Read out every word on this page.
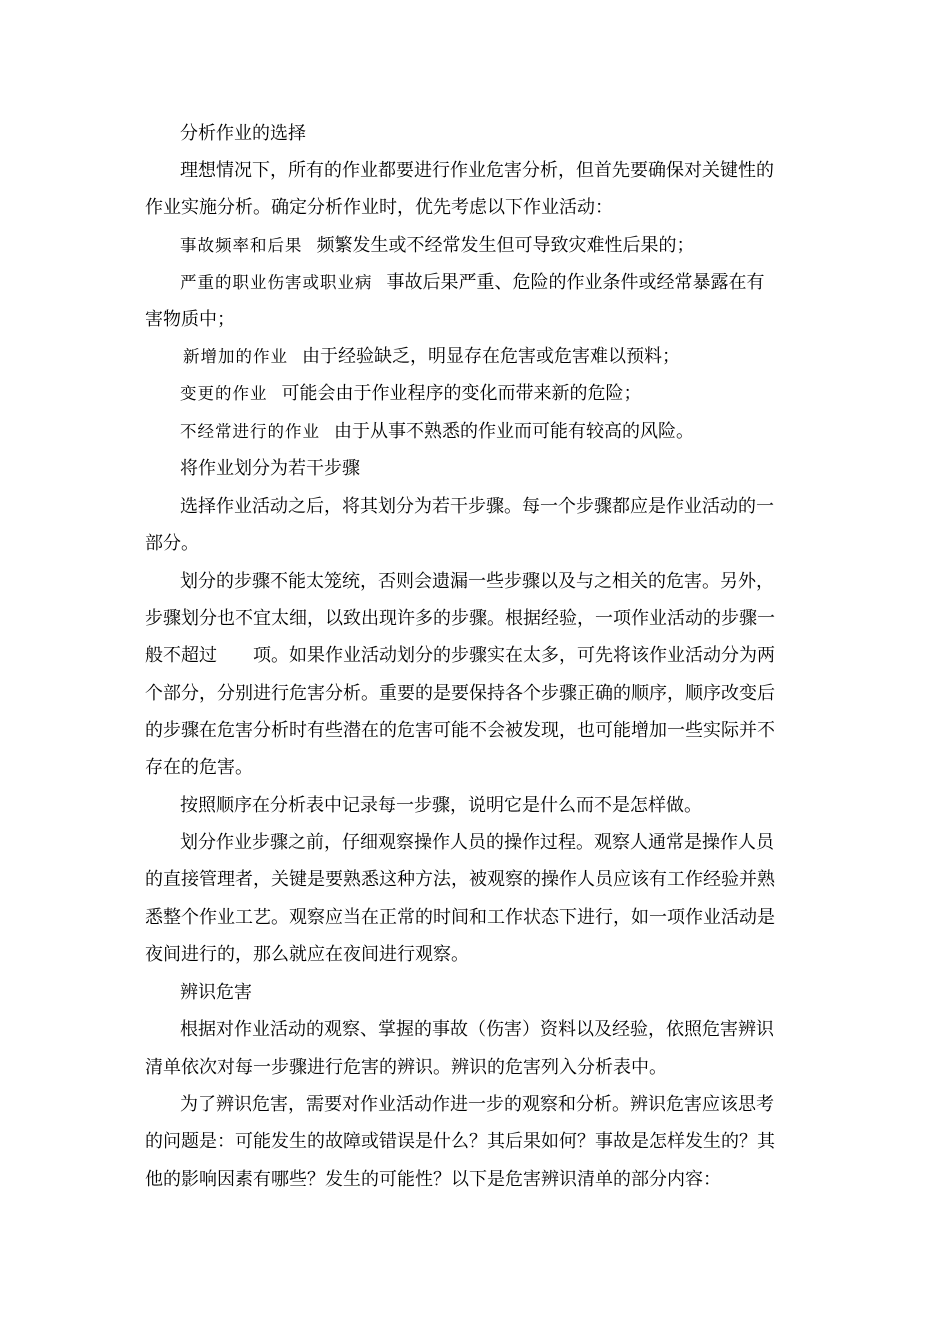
分析作业的选择
理想情况下，所有的作业都要进行作业危害分析，但首先要确保对关键性的
作业实施分析。确定分析作业时，优先考虑以下作业活动：
事故频率和后果 频繁发生或不经常发生但可导致灾难性后果的；
严重的职业伤害或职业病 事故后果严重、危险的作业条件或经常暴露在有
害物质中；
新增加的作业 由于经验缺乏，明显存在危害或危害难以预料；
变更的作业 可能会由于作业程序的变化而带来新的危险；
不经常进行的作业 由于从事不熟悉的作业而可能有较高的风险。
将作业划分为若干步骤
选择作业活动之后，将其划分为若干步骤。每一个步骤都应是作业活动的一
部分。
划分的步骤不能太笼统，否则会遗漏一些步骤以及与之相关的危害。另外，
步骤划分也不宜太细，以致出现许多的步骤。根据经验，一项作业活动的步骤一
般不超过　　项。如果作业活动划分的步骤实在太多，可先将该作业活动分为两
个部分，分别进行危害分析。重要的是要保持各个步骤正确的顺序，顺序改变后
的步骤在危害分析时有些潜在的危害可能不会被发现，也可能增加一些实际并不
存在的危害。
按照顺序在分析表中记录每一步骤，说明它是什么而不是怎样做。
划分作业步骤之前，仔细观察操作人员的操作过程。观察人通常是操作人员
的直接管理者，关键是要熟悉这种方法，被观察的操作人员应该有工作经验并熟
悉整个作业工艺。观察应当在正常的时间和工作状态下进行，如一项作业活动是
夜间进行的，那么就应在夜间进行观察。
辨识危害
根据对作业活动的观察、掌握的事故（伤害）资料以及经验，依照危害辨识
清单依次对每一步骤进行危害的辨识。辨识的危害列入分析表中。
为了辨识危害，需要对作业活动作进一步的观察和分析。辨识危害应该思考
的问题是：可能发生的故障或错误是什么？其后果如何？事故是怎样发生的？其
他的影响因素有哪些？发生的可能性？以下是危害辨识清单的部分内容：
